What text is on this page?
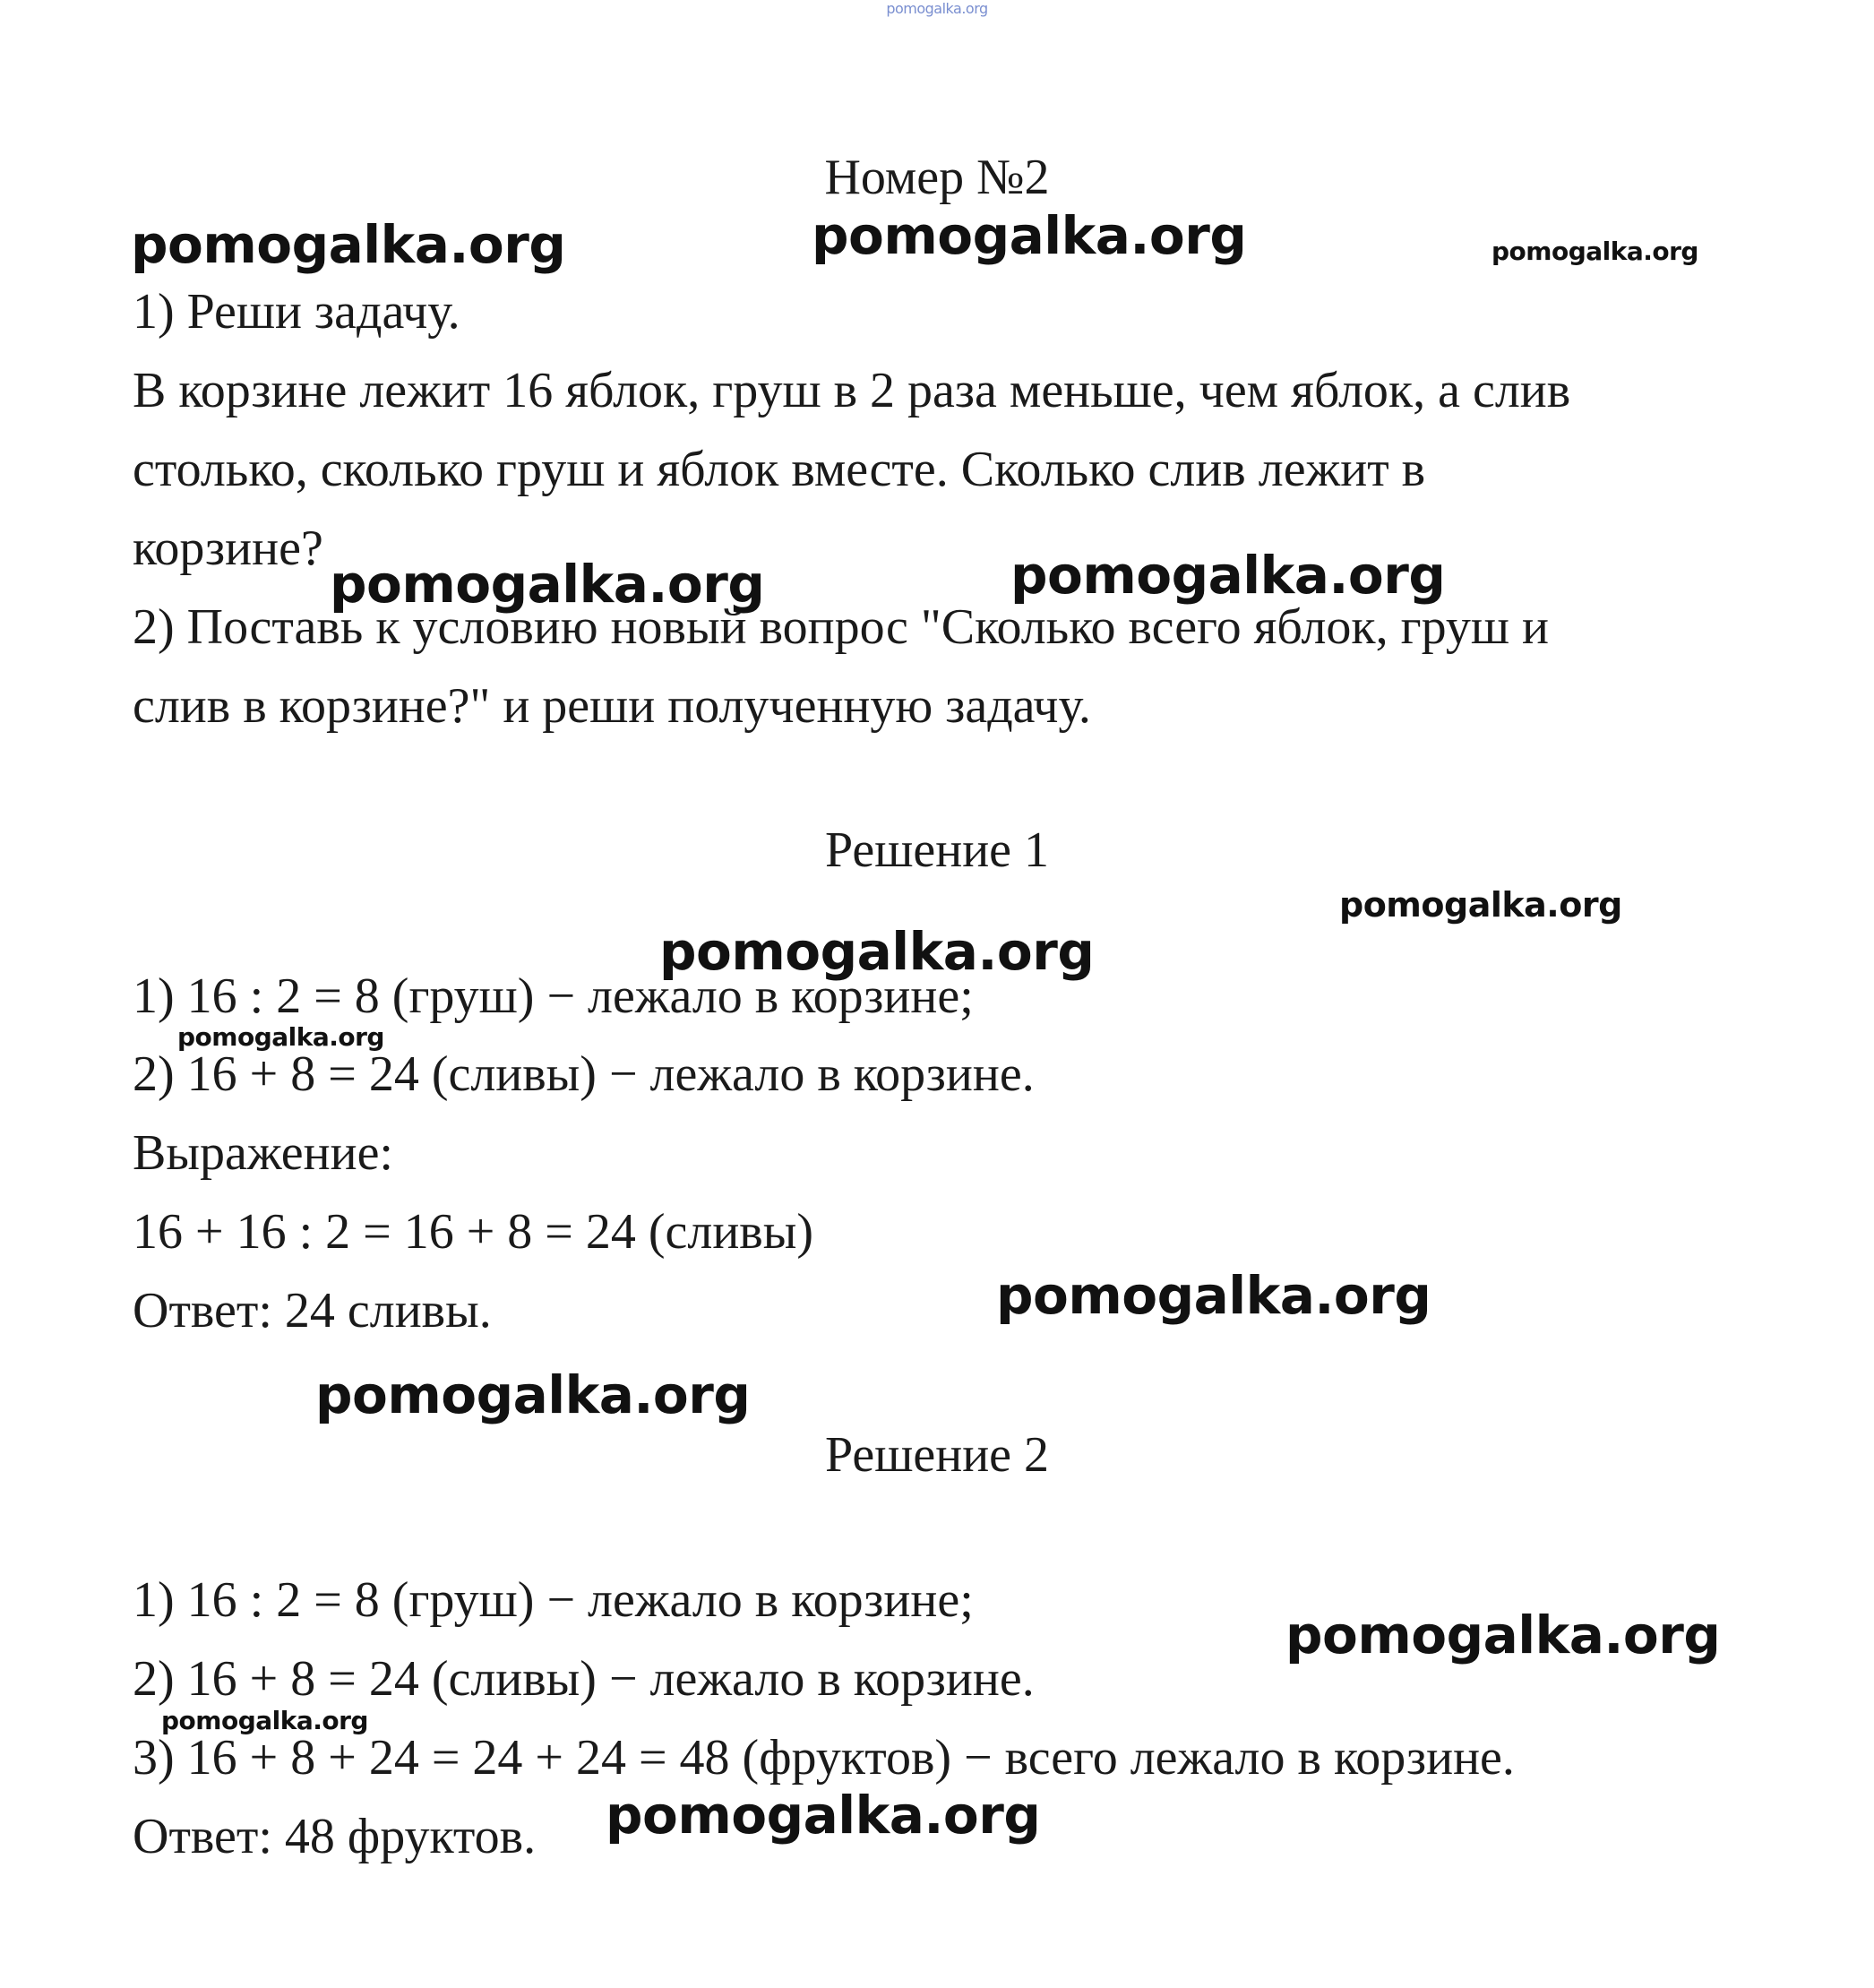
Номер №2
1) Реши задачу.
В корзине лежит 16 яблок, груш в 2 раза меньше, чем яблок, а слив
столько, сколько груш и яблок вместе. Сколько слив лежит в
корзине?
2) Поставь к условию новый вопрос "Сколько всего яблок, груш и
слив в корзине?" и реши полученную задачу.
Решение 1
1) 16 : 2 = 8 (груш) − лежало в корзине;
2) 16 + 8 = 24 (сливы) − лежало в корзине.
Выражение:
16 + 16 : 2 = 16 + 8 = 24 (сливы)
Ответ: 24 сливы.
Решение 2
1) 16 : 2 = 8 (груш) − лежало в корзине;
2) 16 + 8 = 24 (сливы) − лежало в корзине.
3) 16 + 8 + 24 = 24 + 24 = 48 (фруктов) − всего лежало в корзине.
Ответ: 48 фруктов.
pomogalka.org
pomogalka.org	pomogalka.org	pomogalka.org
pomogalka.org	pomogalka.org
pomogalka.org
pomogalka.org
pomogalka.org
pomogalka.org
pomogalka.org
pomogalka.org
pomogalka.org
pomogalka.org
